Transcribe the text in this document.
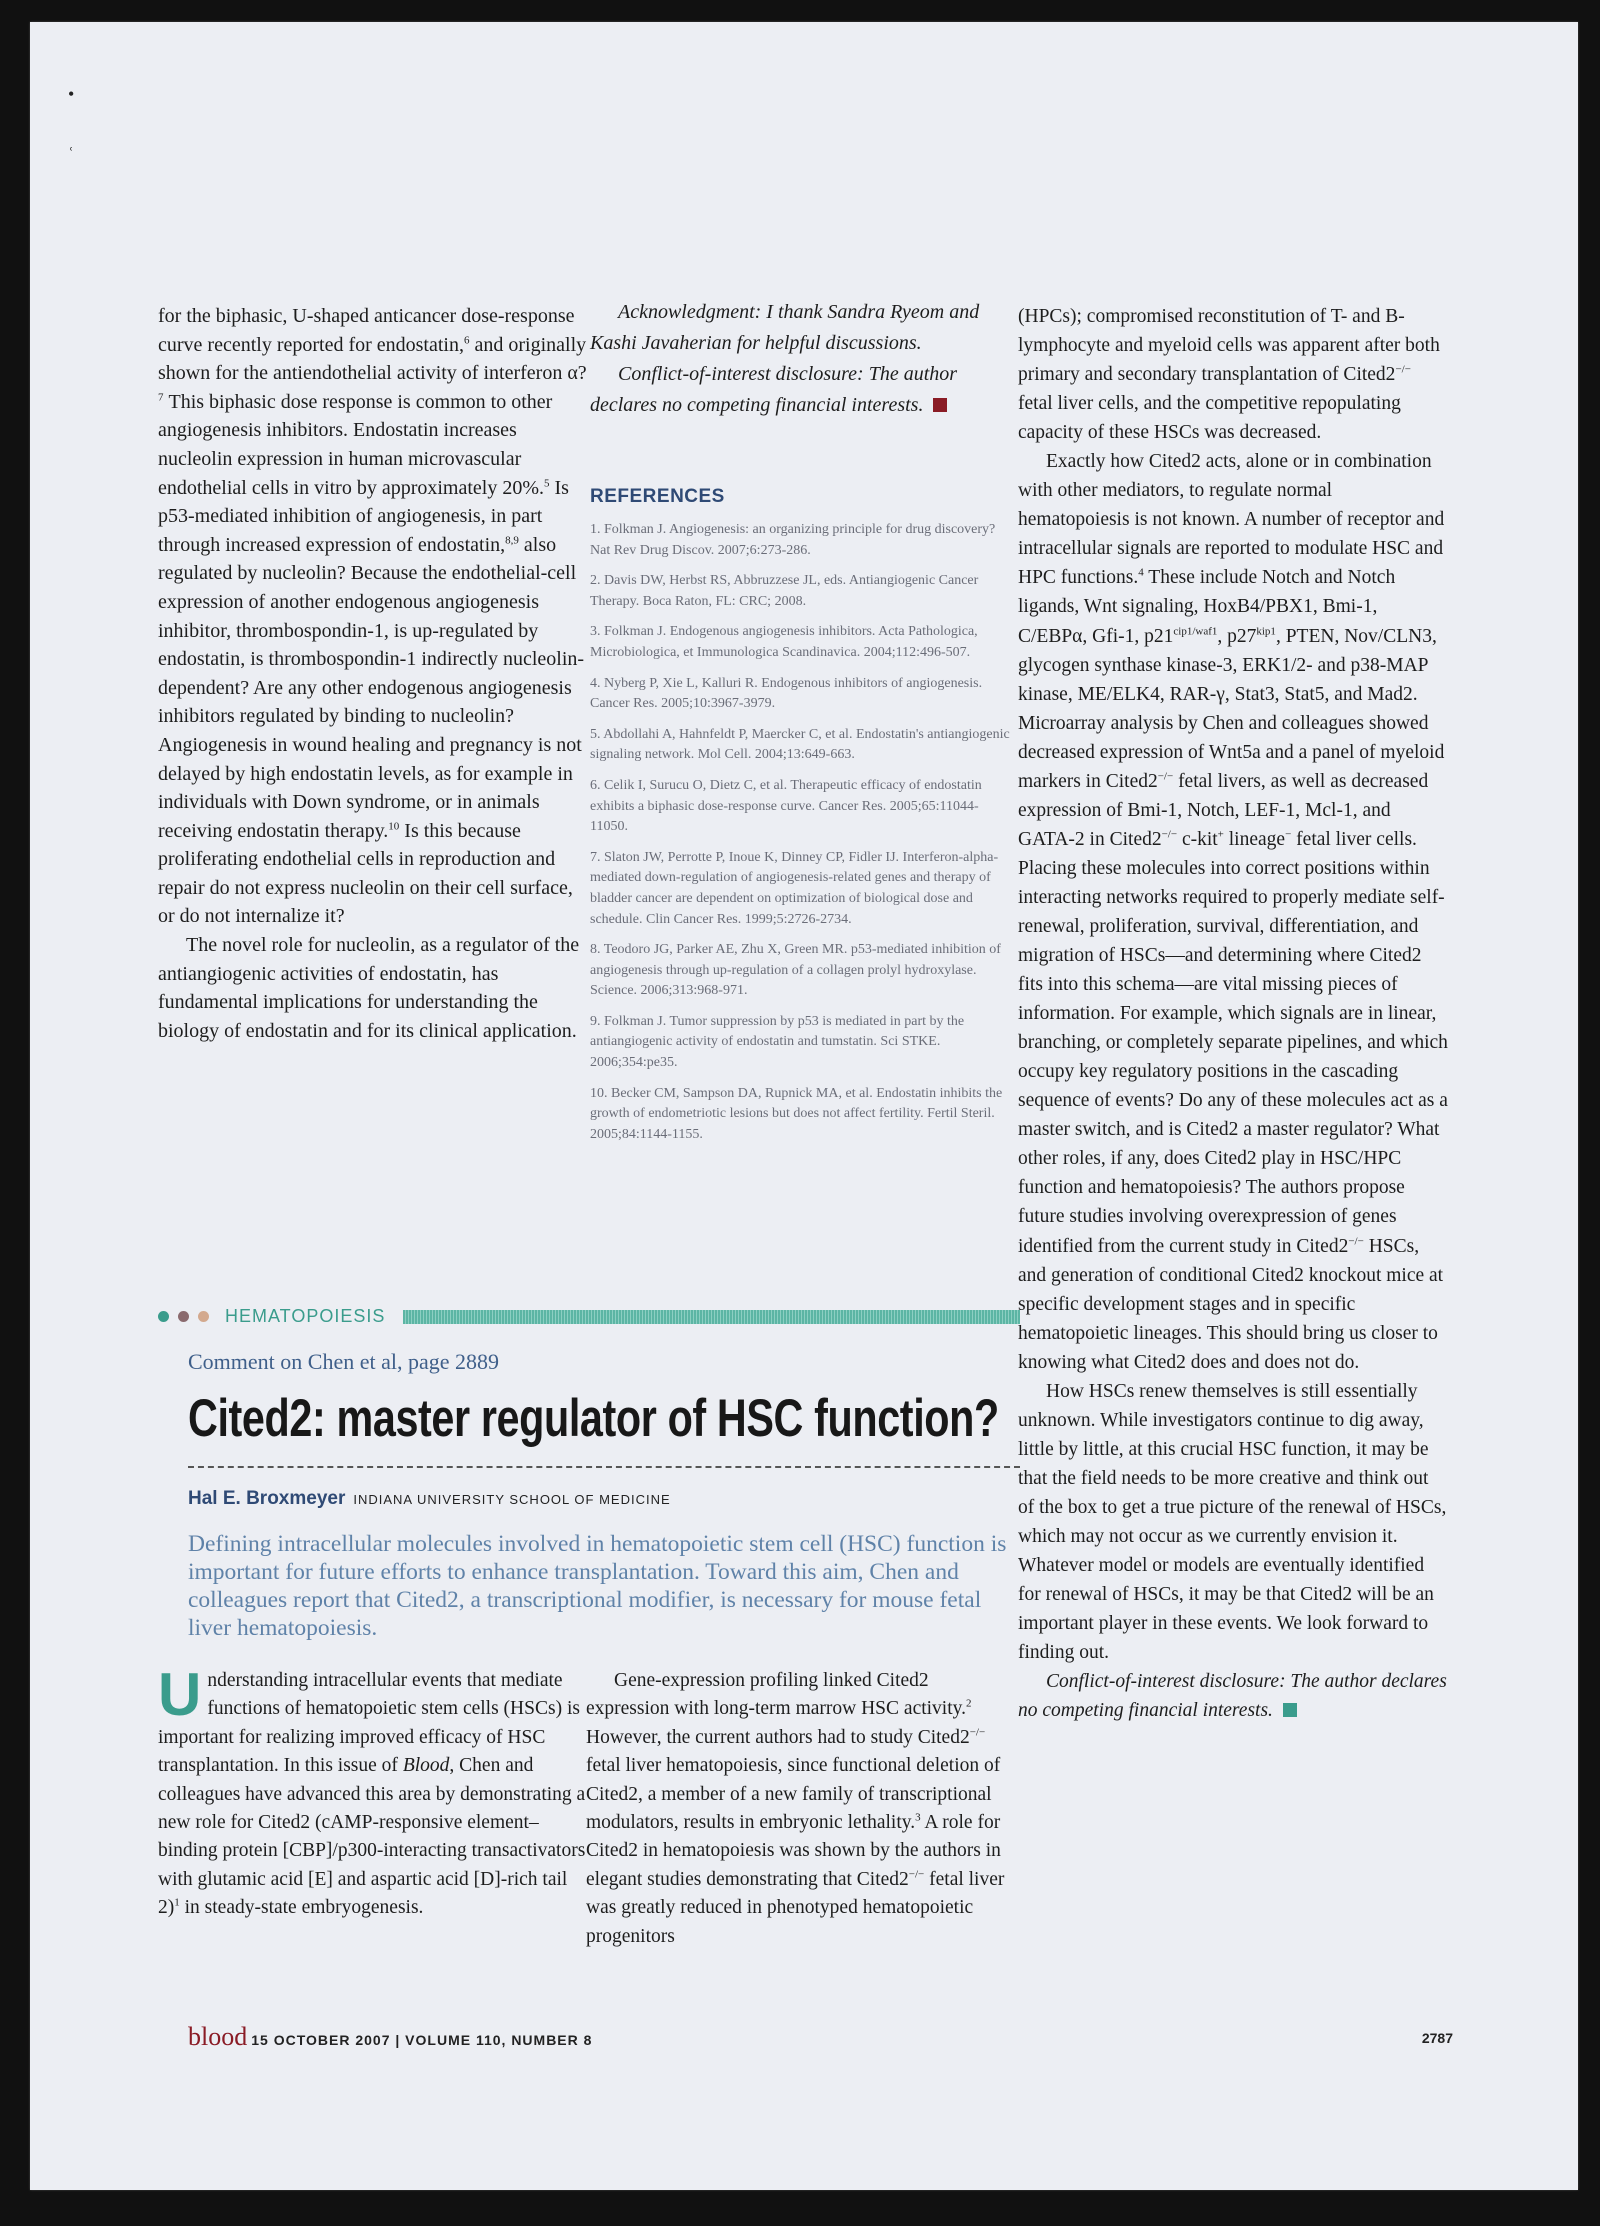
•
ʿ

for the biphasic, U-shaped anticancer dose-response curve recently reported for endostatin,$^6$ and originally shown for the antiendothelial activity of interferon α?$^7$ This biphasic dose response is common to other angiogenesis inhibitors. Endostatin increases nucleolin expression in human microvascular endothelial cells in vitro by approximately 20%.$^5$ Is p53-mediated inhibition of angiogenesis, in part through increased expression of endostatin,$^{8,9}$ also regulated by nucleolin? Because the endothelial-cell expression of another endogenous angiogenesis inhibitor, thrombospondin-1, is up-regulated by endostatin, is thrombospondin-1 indirectly nucleolin-dependent? Are any other endogenous angiogenesis inhibitors regulated by binding to nucleolin? Angiogenesis in wound healing and pregnancy is not delayed by high endostatin levels, as for example in individuals with Down syndrome, or in animals receiving endostatin therapy.$^{10}$ Is this because proliferating endothelial cells in reproduction and repair do not express nucleolin on their cell surface, or do not internalize it?

The novel role for nucleolin, as a regulator of the antiangiogenic activities of endostatin, has fundamental implications for understanding the biology of endostatin and for its clinical application.

Acknowledgment: I thank Sandra Ryeom and Kashi Javaherian for helpful discussions.

Conflict-of-interest disclosure: The author declares no competing financial interests.

REFERENCES
1. Folkman J. Angiogenesis: an organizing principle for drug discovery? Nat Rev Drug Discov. 2007;6:273-286.
2. Davis DW, Herbst RS, Abbruzzese JL, eds. Antiangiogenic Cancer Therapy. Boca Raton, FL: CRC; 2008.
3. Folkman J. Endogenous angiogenesis inhibitors. Acta Pathologica, Microbiologica, et Immunologica Scandinavica. 2004;112:496-507.
4. Nyberg P, Xie L, Kalluri R. Endogenous inhibitors of angiogenesis. Cancer Res. 2005;10:3967-3979.
5. Abdollahi A, Hahnfeldt P, Maercker C, et al. Endostatin's antiangiogenic signaling network. Mol Cell. 2004;13:649-663.
6. Celik I, Surucu O, Dietz C, et al. Therapeutic efficacy of endostatin exhibits a biphasic dose-response curve. Cancer Res. 2005;65:11044-11050.
7. Slaton JW, Perrotte P, Inoue K, Dinney CP, Fidler IJ. Interferon-alpha-mediated down-regulation of angiogenesis-related genes and therapy of bladder cancer are dependent on optimization of biological dose and schedule. Clin Cancer Res. 1999;5:2726-2734.
8. Teodoro JG, Parker AE, Zhu X, Green MR. p53-mediated inhibition of angiogenesis through up-regulation of a collagen prolyl hydroxylase. Science. 2006;313:968-971.
9. Folkman J. Tumor suppression by p53 is mediated in part by the antiangiogenic activity of endostatin and tumstatin. Sci STKE. 2006;354:pe35.
10. Becker CM, Sampson DA, Rupnick MA, et al. Endostatin inhibits the growth of endometriotic lesions but does not affect fertility. Fertil Steril. 2005;84:1144-1155.
HEMATOPOIESIS
Comment on Chen et al, page 2889
Cited2: master regulator of HSC function?
Hal E. Broxmeyer INDIANA UNIVERSITY SCHOOL OF MEDICINE
Defining intracellular molecules involved in hematopoietic stem cell (HSC) function is important for future efforts to enhance transplantation. Toward this aim, Chen and colleagues report that Cited2, a transcriptional modifier, is necessary for mouse fetal liver hematopoiesis.

Understanding intracellular events that mediate functions of hematopoietic stem cells (HSCs) is important for realizing improved efficacy of HSC transplantation. In this issue of Blood, Chen and colleagues have advanced this area by demonstrating a new role for Cited2 (cAMP-responsive element–binding protein [CBP]/p300-interacting transactivators with glutamic acid [E] and aspartic acid [D]-rich tail 2)$^1$ in steady-state embryogenesis.

Gene-expression profiling linked Cited2 expression with long-term marrow HSC activity.$^2$ However, the current authors had to study Cited2−/− fetal liver hematopoiesis, since functional deletion of Cited2, a member of a new family of transcriptional modulators, results in embryonic lethality.$^3$ A role for Cited2 in hematopoiesis was shown by the authors in elegant studies demonstrating that Cited2−/− fetal liver was greatly reduced in phenotyped hematopoietic progenitors

(HPCs); compromised reconstitution of T- and B-lymphocyte and myeloid cells was apparent after both primary and secondary transplantation of Cited2−/− fetal liver cells, and the competitive repopulating capacity of these HSCs was decreased.

Exactly how Cited2 acts, alone or in combination with other mediators, to regulate normal hematopoiesis is not known. A number of receptor and intracellular signals are reported to modulate HSC and HPC functions.$^4$ These include Notch and Notch ligands, Wnt signaling, HoxB4/PBX1, Bmi-1, C/EBPα, Gfi-1, $p21^{cip1/waf1}$, $p27^{kip1}$, PTEN, Nov/CLN3, glycogen synthase kinase-3, ERK1/2- and p38-MAP kinase, ME/ELK4, RAR-γ, Stat3, Stat5, and Mad2. Microarray analysis by Chen and colleagues showed decreased expression of Wnt5a and a panel of myeloid markers in Cited2−/− fetal livers, as well as decreased expression of Bmi-1, Notch, LEF-1, Mcl-1, and GATA-2 in Cited2−/− c-kit+ lineage− fetal liver cells. Placing these molecules into correct positions within interacting networks required to properly mediate self-renewal, proliferation, survival, differentiation, and migration of HSCs—and determining where Cited2 fits into this schema—are vital missing pieces of information. For example, which signals are in linear, branching, or completely separate pipelines, and which occupy key regulatory positions in the cascading sequence of events? Do any of these molecules act as a master switch, and is Cited2 a master regulator? What other roles, if any, does Cited2 play in HSC/HPC function and hematopoiesis? The authors propose future studies involving overexpression of genes identified from the current study in Cited2−/− HSCs, and generation of conditional Cited2 knockout mice at specific development stages and in specific hematopoietic lineages. This should bring us closer to knowing what Cited2 does and does not do.

How HSCs renew themselves is still essentially unknown. While investigators continue to dig away, little by little, at this crucial HSC function, it may be that the field needs to be more creative and think out of the box to get a true picture of the renewal of HSCs, which may not occur as we currently envision it. Whatever model or models are eventually identified for renewal of HSCs, it may be that Cited2 will be an important player in these events. We look forward to finding out.

Conflict-of-interest disclosure: The author declares no competing financial interests.

blood 15 OCTOBER 2007 | VOLUME 110, NUMBER 8	2787
